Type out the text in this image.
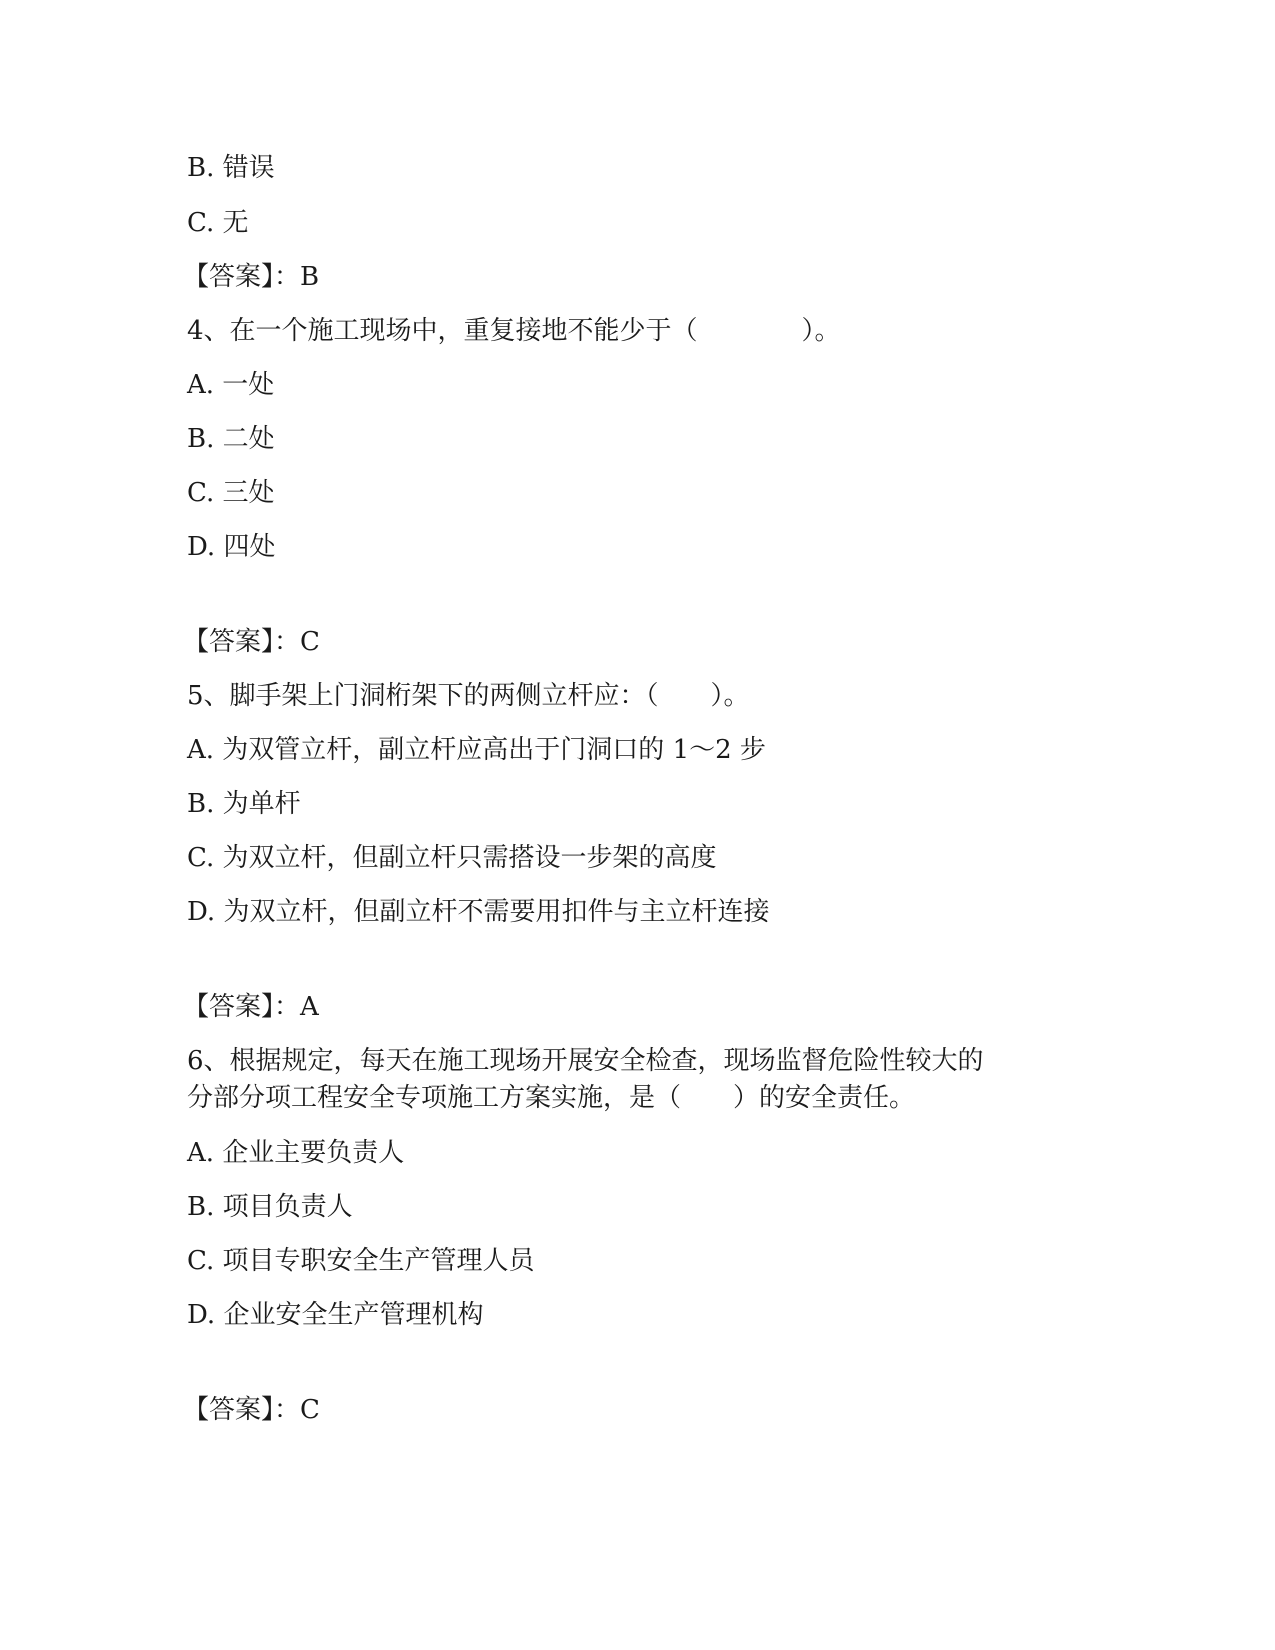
B. 错误
C. 无
【答案】：B
4、在一个施工现场中，重复接地不能少于（　　　　）。
A. 一处
B. 二处
C. 三处
D. 四处
【答案】：C
5、脚手架上门洞桁架下的两侧立杆应：（　　）。
A. 为双管立杆，副立杆应高出于门洞口的 1～2 步
B. 为单杆
C. 为双立杆，但副立杆只需搭设一步架的高度
D. 为双立杆，但副立杆不需要用扣件与主立杆连接
【答案】：A
6、根据规定，每天在施工现场开展安全检查，现场监督危险性较大的
分部分项工程安全专项施工方案实施，是（　　）的安全责任。
A. 企业主要负责人
B. 项目负责人
C. 项目专职安全生产管理人员
D. 企业安全生产管理机构
【答案】：C
